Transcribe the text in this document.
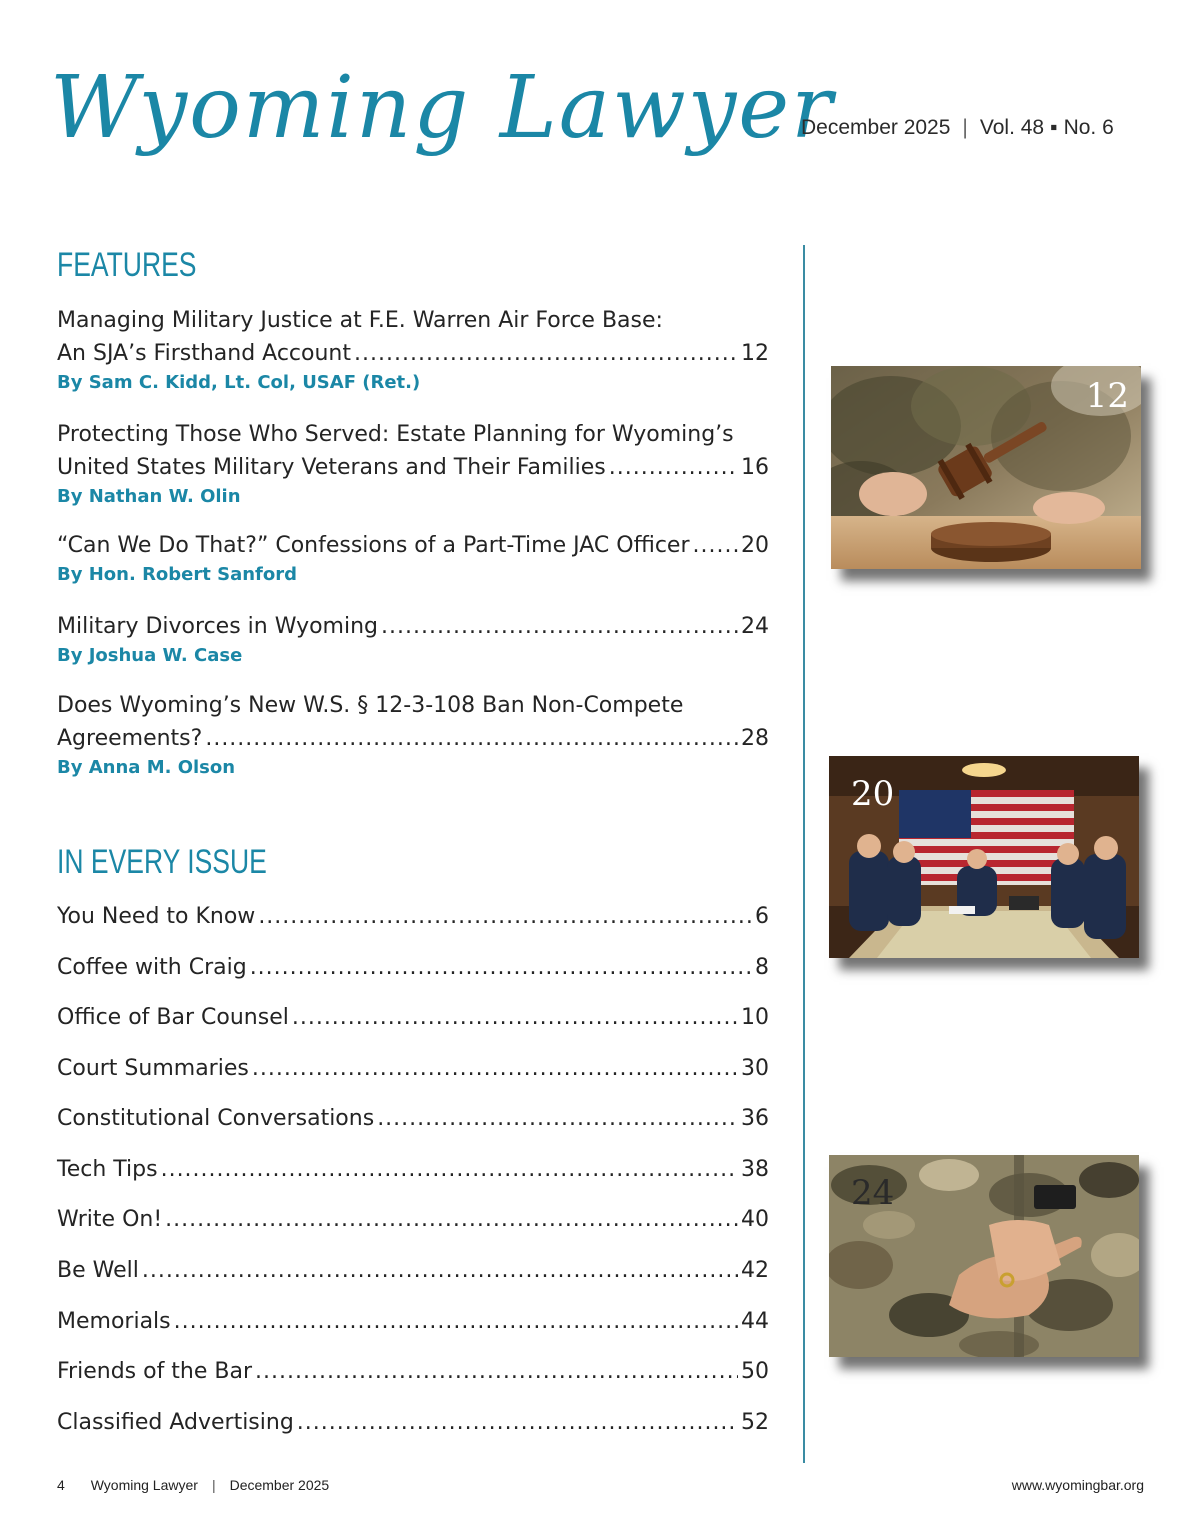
Wyoming Lawyer
December 2025 | Vol. 48 ▪ No. 6
FEATURES
Managing Military Justice at F.E. Warren Air Force Base:
An SJA’s Firsthand Account .....	12
By Sam C. Kidd, Lt. Col, USAF (Ret.)
Protecting Those Who Served: Estate Planning for Wyoming’s
United States Military Veterans and Their Families .....	16
By Nathan W. Olin
“Can We Do That?” Confessions of a Part-Time JAC Officer ..... 20
By Hon. Robert Sanford
Military Divorces in Wyoming .....	24
By Joshua W. Case
Does Wyoming’s New W.S. § 12-3-108 Ban Non-Compete
Agreements? .....	28
By Anna M. Olson
IN EVERY ISSUE
You Need to Know .....	6
Coffee with Craig .....	8
Office of Bar Counsel .....	10
Court Summaries .....	30
Constitutional Conversations .....	36
Tech Tips .....	38
Write On! .....	40
Be Well .....	42
Memorials .....	44
Friends of the Bar .....	50
Classified Advertising .....	52
12
20
24
4 Wyoming Lawyer | December 2025	www.wyomingbar.org
